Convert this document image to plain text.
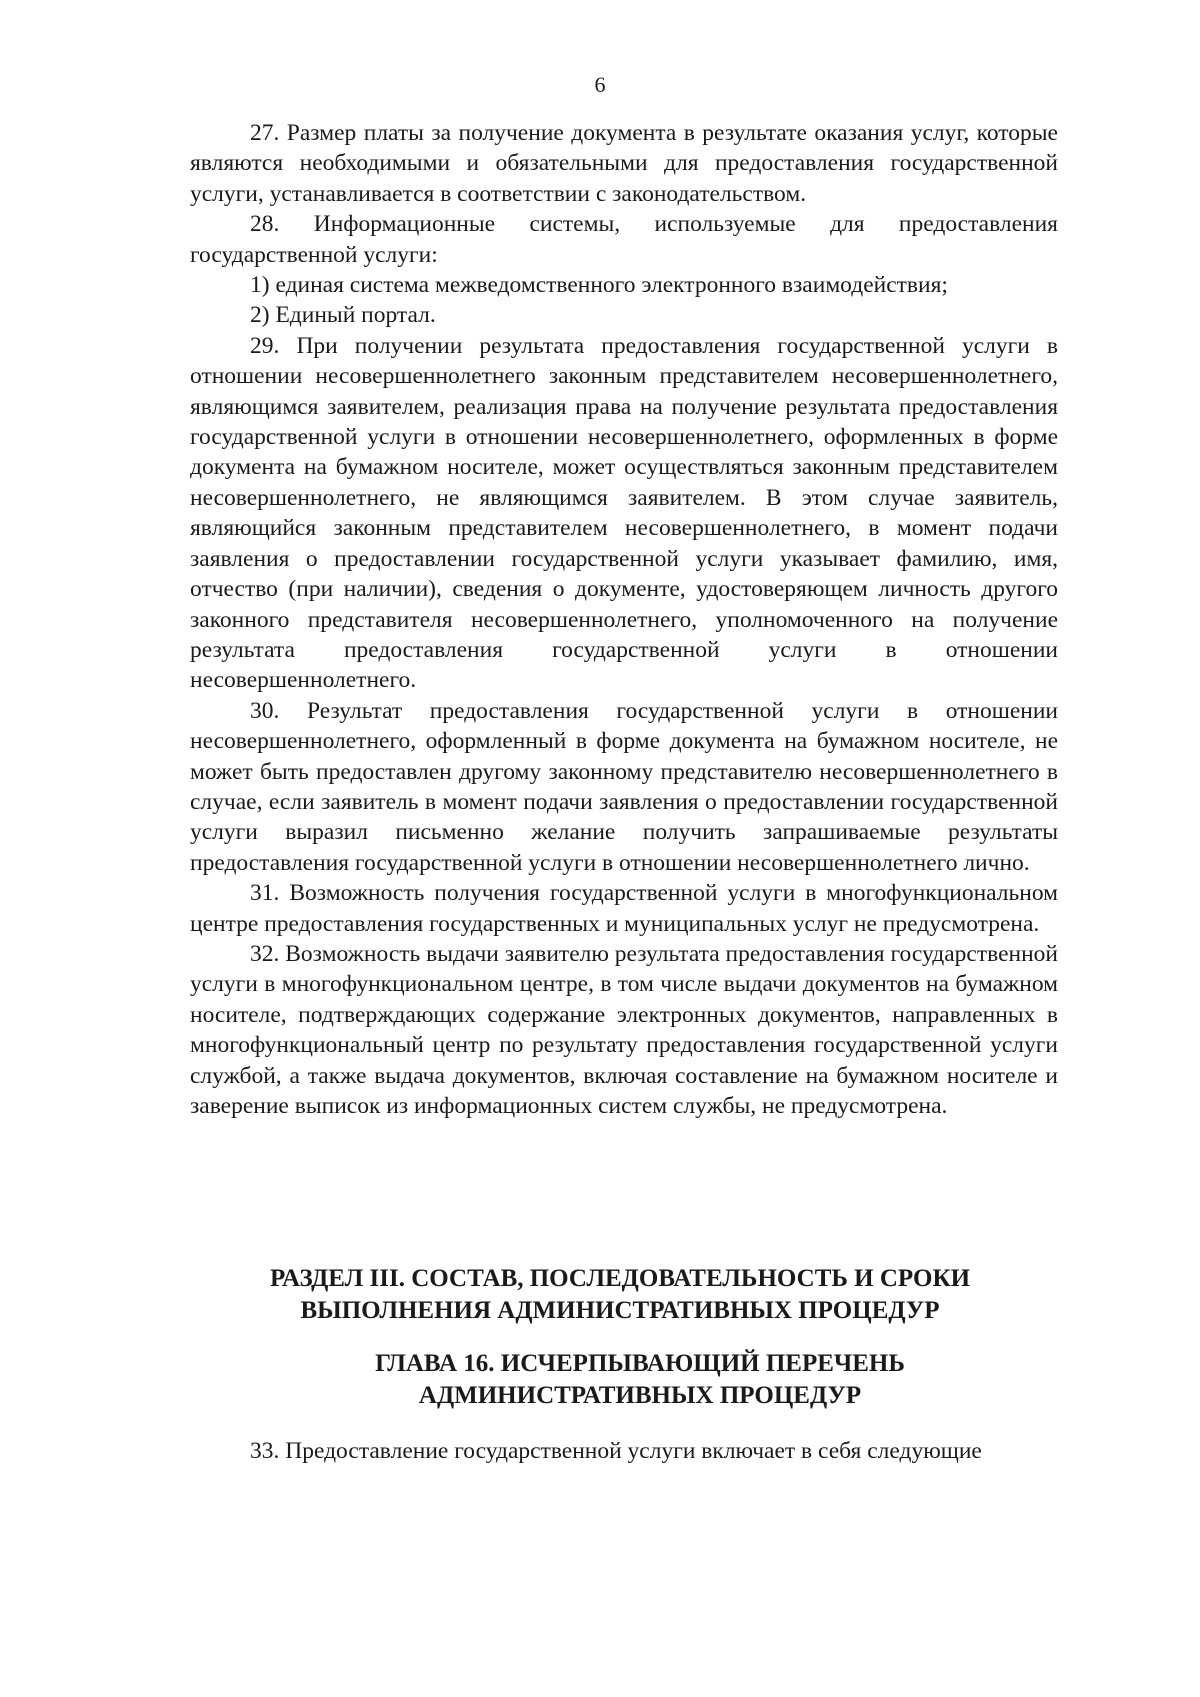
6

27. Размер платы за получение документа в результате оказания услуг, которые являются необходимыми и обязательными для предоставления государственной услуги, устанавливается в соответствии с законодательством.

28. Информационные системы, используемые для предоставления государственной услуги:

1) единая система межведомственного электронного взаимодействия;

2) Единый портал.

29. При получении результата предоставления государственной услуги в отношении несовершеннолетнего законным представителем несовершеннолетнего, являющимся заявителем, реализация права на получение результата предоставления государственной услуги в отношении несовершеннолетнего, оформленных в форме документа на бумажном носителе, может осуществляться законным представителем несовершеннолетнего, не являющимся заявителем. В этом случае заявитель, являющийся законным представителем несовершеннолетнего, в момент подачи заявления о предоставлении государственной услуги указывает фамилию, имя, отчество (при наличии), сведения о документе, удостоверяющем личность другого законного представителя несовершеннолетнего, уполномоченного на получение результата предоставления государственной услуги в отношении несовершеннолетнего.

30. Результат предоставления государственной услуги в отношении несовершеннолетнего, оформленный в форме документа на бумажном носителе, не может быть предоставлен другому законному представителю несовершеннолетнего в случае, если заявитель в момент подачи заявления о предоставлении государственной услуги выразил письменно желание получить запрашиваемые результаты предоставления государственной услуги в отношении несовершеннолетнего лично.

31. Возможность получения государственной услуги в многофункциональном центре предоставления государственных и муниципальных услуг не предусмотрена.

32. Возможность выдачи заявителю результата предоставления государственной услуги в многофункциональном центре, в том числе выдачи документов на бумажном носителе, подтверждающих содержание электронных документов, направленных в многофункциональный центр по результату предоставления государственной услуги службой, а также выдача документов, включая составление на бумажном носителе и заверение выписок из информационных систем службы, не предусмотрена.

РАЗДЕЛ III. СОСТАВ, ПОСЛЕДОВАТЕЛЬНОСТЬ И СРОКИ
ВЫПОЛНЕНИЯ АДМИНИСТРАТИВНЫХ ПРОЦЕДУР
ГЛАВА 16. ИСЧЕРПЫВАЮЩИЙ ПЕРЕЧЕНЬ
АДМИНИСТРАТИВНЫХ ПРОЦЕДУР

33. Предоставление государственной услуги включает в себя следующие
